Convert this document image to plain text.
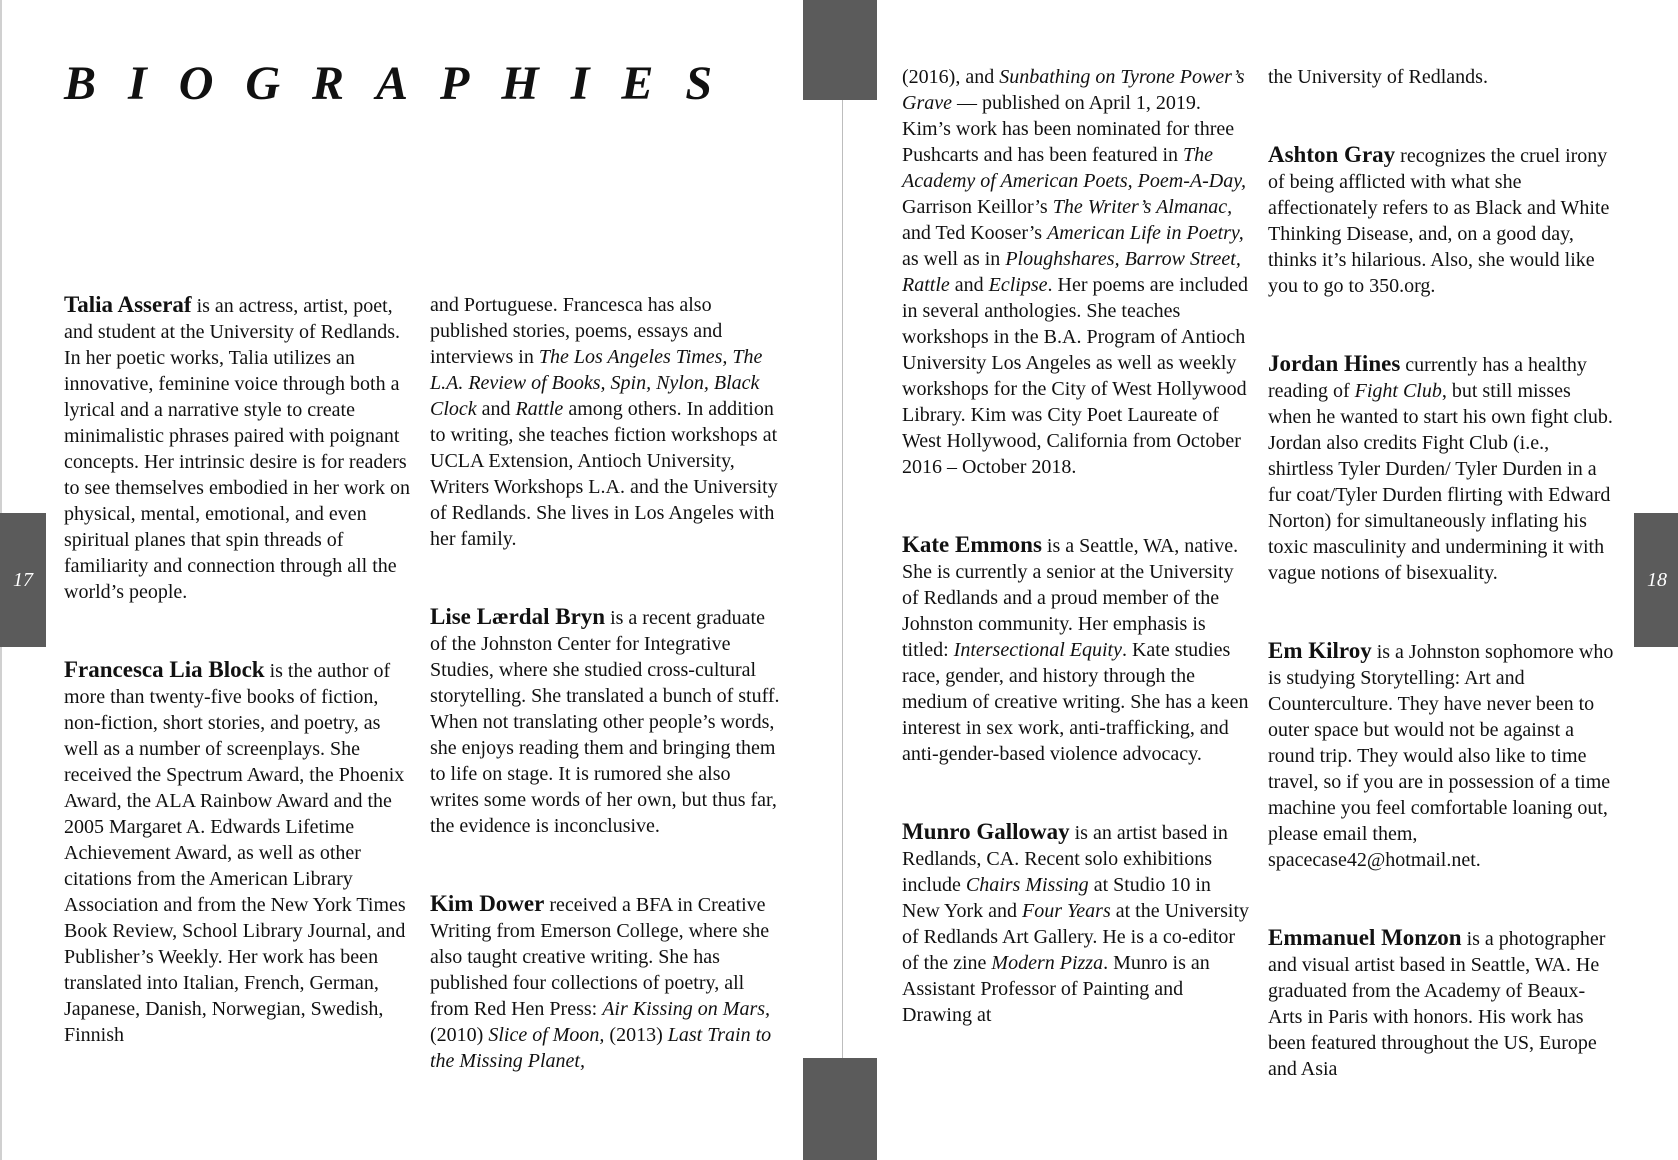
17	18
BIOGRAPHIES

Talia Asseraf is an actress, artist, poet, and student at the University of Redlands. In her poetic works, Talia utilizes an innovative, feminine voice through both a lyrical and a narrative style to create minimalistic phrases paired with poignant concepts. Her intrinsic desire is for readers to see themselves embodied in her work on physical, mental, emotional, and even spiritual planes that spin threads of familiarity and connection through all the world’s people.

Francesca Lia Block is the author of more than twenty-five books of fiction, non-fiction, short stories, and poetry, as well as a number of screenplays. She received the Spectrum Award, the Phoenix Award, the ALA Rainbow Award and the 2005 Margaret A. Edwards Lifetime Achievement Award, as well as other citations from the American Library Association and from the New York Times Book Review, School Library Journal, and Publisher’s Weekly. Her work has been translated into Italian, French, German, Japanese, Danish, Norwegian, Swedish, Finnish

and Portuguese. Francesca has also published stories, poems, essays and interviews in The Los Angeles Times, The L.A. Review of Books, Spin, Nylon, Black Clock and Rattle among others. In addition to writing, she teaches fiction workshops at UCLA Extension, Antioch University, Writers Workshops L.A. and the University of Redlands. She lives in Los Angeles with her family.

Lise Lærdal Bryn is a recent graduate of the Johnston Center for Integrative Studies, where she studied cross-cultural storytelling. She translated a bunch of stuff. When not translating other people’s words, she enjoys reading them and bringing them to life on stage. It is rumored she also writes some words of her own, but thus far, the evidence is inconclusive.

Kim Dower received a BFA in Creative Writing from Emerson College, where she also taught creative writing. She has published four collections of poetry, all from Red Hen Press: Air Kissing on Mars, (2010) Slice of Moon, (2013) Last Train to the Missing Planet,

(2016), and Sunbathing on Tyrone Power’s Grave — published on April 1, 2019. Kim’s work has been nominated for three Pushcarts and has been featured in The Academy of American Poets, Poem-A-Day, Garrison Keillor’s The Writer’s Almanac, and Ted Kooser’s American Life in Poetry, as well as in Ploughshares, Barrow Street, Rattle and Eclipse. Her poems are included in several anthologies. She teaches workshops in the B.A. Program of Antioch University Los Angeles as well as weekly workshops for the City of West Hollywood Library. Kim was City Poet Laureate of West Hollywood, California from October 2016 – October 2018.

Kate Emmons is a Seattle, WA, native. She is currently a senior at the University of Redlands and a proud member of the Johnston community. Her emphasis is titled: Intersectional Equity. Kate studies race, gender, and history through the medium of creative writing. She has a keen interest in sex work, anti-trafficking, and anti-gender-based violence advocacy.

Munro Galloway is an artist based in Redlands, CA. Recent solo exhibitions include Chairs Missing at Studio 10 in New York and Four Years at the University of Redlands Art Gallery. He is a co-editor of the zine Modern Pizza. Munro is an Assistant Professor of Painting and Drawing at

the University of Redlands.

Ashton Gray recognizes the cruel irony of being afflicted with what she affectionately refers to as Black and White Thinking Disease, and, on a good day, thinks it’s hilarious. Also, she would like you to go to 350.org.

Jordan Hines currently has a healthy reading of Fight Club, but still misses when he wanted to start his own fight club. Jordan also credits Fight Club (i.e., shirtless Tyler Durden/ Tyler Durden in a fur coat/Tyler Durden flirting with Edward Norton) for simultaneously inflating his toxic masculinity and undermining it with vague notions of bisexuality.

Em Kilroy is a Johnston sophomore who is studying Storytelling: Art and Counterculture. They have never been to outer space but would not be against a round trip. They would also like to time travel, so if you are in possession of a time machine you feel comfortable loaning out, please email them, spacecase42@hotmail.net.

Emmanuel Monzon is a photographer and visual artist based in Seattle, WA. He graduated from the Academy of Beaux-Arts in Paris with honors. His work has been featured throughout the US, Europe and Asia
